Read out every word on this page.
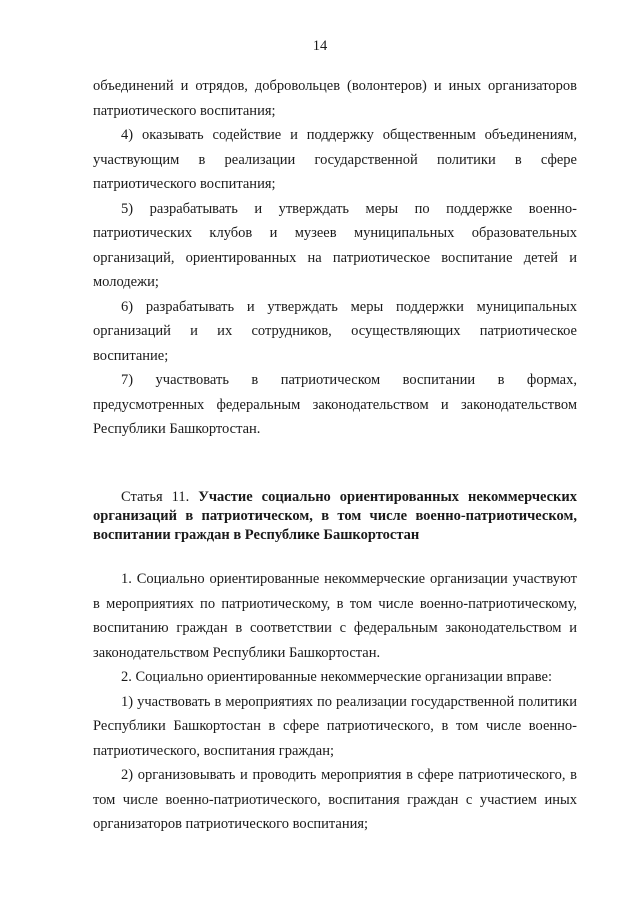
14

объединений и отрядов, добровольцев (волонтеров) и иных организаторов патриотического воспитания;

4) оказывать содействие и поддержку общественным объединениям, участвующим в реализации государственной политики в сфере патриотического воспитания;

5) разрабатывать и утверждать меры по поддержке военно-патриотических клубов и музеев муниципальных образовательных организаций, ориентированных на патриотическое воспитание детей и молодежи;

6) разрабатывать и утверждать меры поддержки муниципальных организаций и их сотрудников, осуществляющих патриотическое воспитание;

7) участвовать в патриотическом воспитании в формах, предусмотренных федеральным законодательством и законодательством Республики Башкортостан.

Статья 11. Участие социально ориентированных некоммерческих организаций в патриотическом, в том числе военно-патриотическом, воспитании граждан в Республике Башкортостан

1. Социально ориентированные некоммерческие организации участвуют в мероприятиях по патриотическому, в том числе военно-патриотическому, воспитанию граждан в соответствии с федеральным законодательством и законодательством Республики Башкортостан.

2. Социально ориентированные некоммерческие организации вправе:

1) участвовать в мероприятиях по реализации государственной политики Республики Башкортостан в сфере патриотического, в том числе военно-патриотического, воспитания граждан;

2) организовывать и проводить мероприятия в сфере патриотического, в том числе военно-патриотического, воспитания граждан с участием иных организаторов патриотического воспитания;
